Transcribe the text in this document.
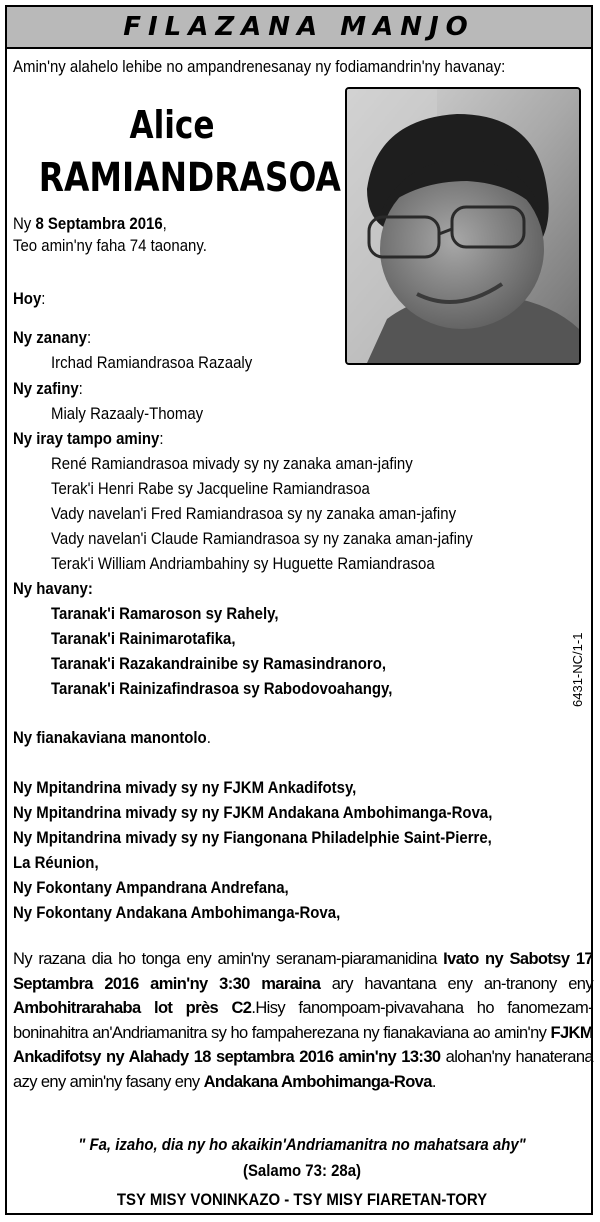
FILAZANA MANJO
Amin'ny alahelo lehibe no ampandrenesanay ny fodiamandrin'ny havanay:
Alice
RAMIANDRASOA
Ny 8 Septambra 2016,
Teo amin'ny faha 74 taonany.
Hoy:
Ny zanany:
Irchad Ramiandrasoa Razaaly
Ny zafiny:
Mialy Razaaly-Thomay
Ny iray tampo aminy:
René Ramiandrasoa mivady sy ny zanaka aman-jafiny
Terak'i Henri Rabe sy Jacqueline Ramiandrasoa
Vady navelan'i Fred Ramiandrasoa sy ny zanaka aman-jafiny
Vady navelan'i Claude Ramiandrasoa sy ny zanaka aman-jafiny
Terak'i William Andriambahiny sy Huguette Ramiandrasoa
Ny havany:
Taranak'i Ramaroson sy Rahely,
Taranak'i Rainimarotafika,
Taranak'i Razakandrainibe sy Ramasindranoro,
Taranak'i Rainizafindrasoa sy Rabodovoahangy,
Ny fianakaviana manontolo.
Ny Mpitandrina mivady sy ny FJKM Ankadifotsy,
Ny Mpitandrina mivady sy ny FJKM Andakana Ambohimanga-Rova,
Ny Mpitandrina mivady sy ny Fiangonana Philadelphie Saint-Pierre,
La Réunion,
Ny Fokontany Ampandrana Andrefana,
Ny Fokontany Andakana Ambohimanga-Rova,
Ny razana dia ho tonga eny amin'ny seranam-piaramanidina Ivato ny Sabotsy 17 Septambra 2016 amin'ny 3:30 maraina ary havantana eny an-tranony eny Ambohitrarahaba lot près C2.Hisy fanompoam-pivavahana ho fanomezam-boninahitra an'Andriamanitra sy ho fampaherezana ny fianakaviana ao amin'ny FJKM Ankadifotsy ny Alahady 18 septambra 2016 amin'ny 13:30 alohan'ny hanaterana azy eny amin'ny fasany eny Andakana Ambohimanga-Rova.
" Fa, izaho, dia ny ho akaikin'Andriamanitra no mahatsara ahy"
(Salamo 73: 28a)
TSY MISY VONINKAZO - TSY MISY FIARETAN-TORY
6431-NC/1-1
